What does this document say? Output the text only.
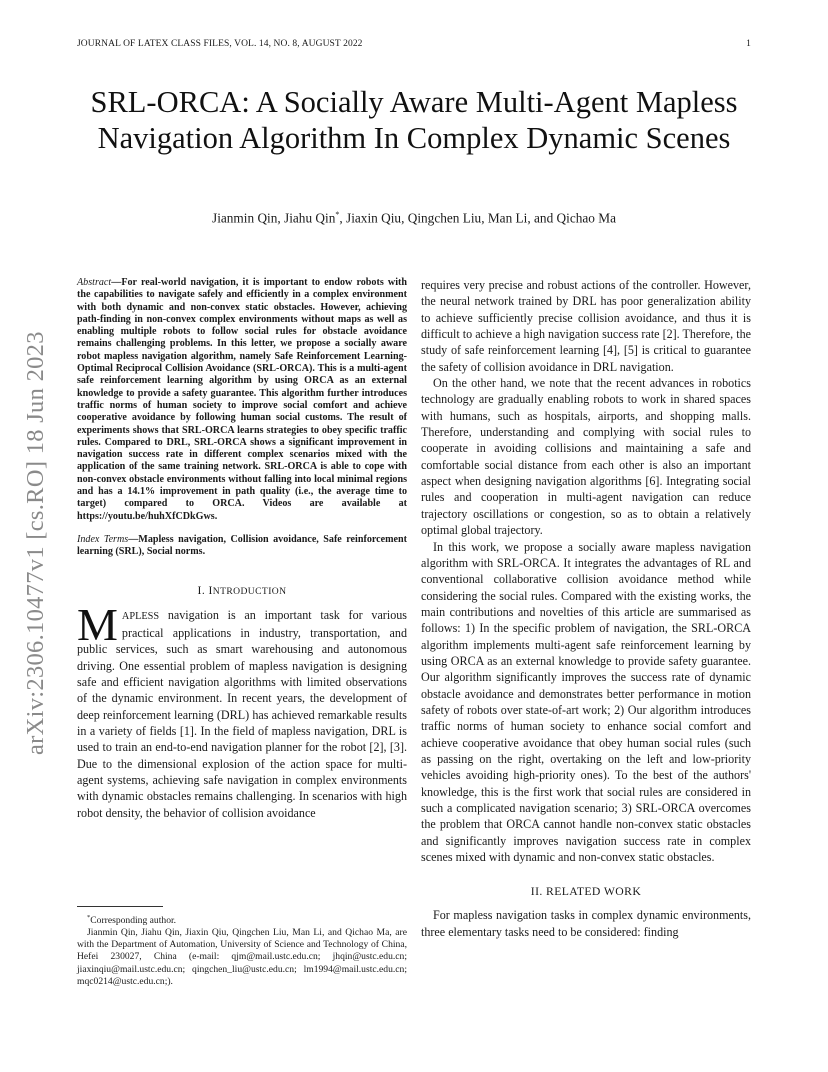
JOURNAL OF LATEX CLASS FILES, VOL. 14, NO. 8, AUGUST 2022	1
arXiv:2306.10477v1 [cs.RO] 18 Jun 2023
SRL-ORCA: A Socially Aware Multi-Agent Mapless Navigation Algorithm In Complex Dynamic Scenes
Jianmin Qin, Jiahu Qin*, Jiaxin Qiu, Qingchen Liu, Man Li, and Qichao Ma
Abstract—For real-world navigation, it is important to endow robots with the capabilities to navigate safely and efficiently in a complex environment with both dynamic and non-convex static obstacles. However, achieving path-finding in non-convex complex environments without maps as well as enabling multiple robots to follow social rules for obstacle avoidance remains challenging problems. In this letter, we propose a socially aware robot mapless navigation algorithm, namely Safe Reinforcement Learning-Optimal Reciprocal Collision Avoidance (SRL-ORCA). This is a multi-agent safe reinforcement learning algorithm by using ORCA as an external knowledge to provide a safety guarantee. This algorithm further introduces traffic norms of human society to improve social comfort and achieve cooperative avoidance by following human social customs. The result of experiments shows that SRL-ORCA learns strategies to obey specific traffic rules. Compared to DRL, SRL-ORCA shows a significant improvement in navigation success rate in different complex scenarios mixed with the application of the same training network. SRL-ORCA is able to cope with non-convex obstacle environments without falling into local minimal regions and has a 14.1% improvement in path quality (i.e., the average time to target) compared to ORCA. Videos are available at https://youtu.be/huhXfCDkGws.
Index Terms—Mapless navigation, Collision avoidance, Safe reinforcement learning (SRL), Social norms.
I. INTRODUCTION

MAPLESS navigation is an important task for various practical applications in industry, transportation, and public services, such as smart warehousing and autonomous driving. One essential problem of mapless navigation is designing safe and efficient navigation algorithms with limited observations of the dynamic environment. In recent years, the development of deep reinforcement learning (DRL) has achieved remarkable results in a variety of fields [1]. In the field of mapless navigation, DRL is used to train an end-to-end navigation planner for the robot [2], [3]. Due to the dimensional explosion of the action space for multi-agent systems, achieving safe navigation in complex environments with dynamic obstacles remains challenging. In scenarios with high robot density, the behavior of collision avoidance

*Corresponding author.
Jianmin Qin, Jiahu Qin, Jiaxin Qiu, Qingchen Liu, Man Li, and Qichao Ma, are with the Department of Automation, University of Science and Technology of China, Hefei 230027, China (e-mail: qjm@mail.ustc.edu.cn; jhqin@ustc.edu.cn; jiaxinqiu@mail.ustc.edu.cn; qingchen_liu@ustc.edu.cn; lm1994@mail.ustc.edu.cn; mqc0214@ustc.edu.cn;).

requires very precise and robust actions of the controller. However, the neural network trained by DRL has poor generalization ability to achieve sufficiently precise collision avoidance, and thus it is difficult to achieve a high navigation success rate [2]. Therefore, the study of safe reinforcement learning [4], [5] is critical to guarantee the safety of collision avoidance in DRL navigation.

On the other hand, we note that the recent advances in robotics technology are gradually enabling robots to work in shared spaces with humans, such as hospitals, airports, and shopping malls. Therefore, understanding and complying with social rules to cooperate in avoiding collisions and maintaining a safe and comfortable social distance from each other is also an important aspect when designing navigation algorithms [6]. Integrating social rules and cooperation in multi-agent navigation can reduce trajectory oscillations or congestion, so as to obtain a relatively optimal global trajectory.

In this work, we propose a socially aware mapless navigation algorithm with SRL-ORCA. It integrates the advantages of RL and conventional collaborative collision avoidance method while considering the social rules. Compared with the existing works, the main contributions and novelties of this article are summarised as follows: 1) In the specific problem of navigation, the SRL-ORCA algorithm implements multi-agent safe reinforcement learning by using ORCA as an external knowledge to provide safety guarantee. Our algorithm significantly improves the success rate of dynamic obstacle avoidance and demonstrates better performance in motion safety of robots over state-of-art work; 2) Our algorithm introduces traffic norms of human society to enhance social comfort and achieve cooperative avoidance that obey human social rules (such as passing on the right, overtaking on the left and low-priority vehicles avoiding high-priority ones). To the best of the authors' knowledge, this is the first work that social rules are considered in such a complicated navigation scenario; 3) SRL-ORCA overcomes the problem that ORCA cannot handle non-convex static obstacles and significantly improves navigation success rate in complex scenes mixed with dynamic and non-convex static obstacles.

II. RELATED WORK

For mapless navigation tasks in complex dynamic environments, three elementary tasks need to be considered: finding
